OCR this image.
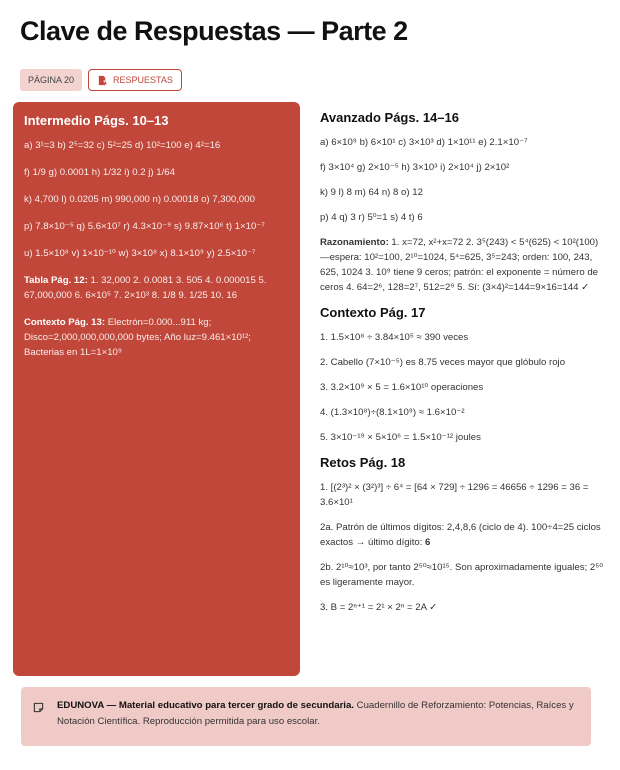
Clave de Respuestas — Parte 2
PÁGINA 20	RESPUESTAS
Intermedio Págs. 10–13

a) 3¹=3 b) 2⁵=32 c) 5²=25 d) 10²=100 e) 4²=16

f) 1/9 g) 0.0001 h) 1/32 i) 0.2 j) 1/64

k) 4,700 l) 0.0205 m) 990,000 n) 0.00018 o) 7,300,000

p) 7.8×10⁻⁵ q) 5.6×10⁷ r) 4.3×10⁻⁹ s) 9.87×10⁶ t) 1×10⁻⁷

u) 1.5×10⁸ v) 1×10⁻¹⁰ w) 3×10⁸ x) 8.1×10⁹ y) 2.5×10⁻⁷

Tabla Pág. 12: 1. 32,000 2. 0.0081 3. 505 4. 0.000015 5. 67,000,000 6. 6×10⁵ 7. 2×10³ 8. 1/8 9. 1/25 10. 16

Contexto Pág. 13: Electrón=0.000...911 kg; Disco=2,000,000,000,000 bytes; Año luz=9.461×10¹²; Bacterias en 1L=1×10⁹

Avanzado Págs. 14–16

a) 6×10⁹ b) 6×10¹ c) 3×10³ d) 1×10¹¹ e) 2.1×10⁻⁷

f) 3×10⁴ g) 2×10⁻⁵ h) 3×10³ i) 2×10⁴ j) 2×10²

k) 9 l) 8 m) 64 n) 8 o) 12

p) 4 q) 3 r) 5⁰=1 s) 4 t) 6

Razonamiento: 1. x=72, x²+x=72 2. 3⁵(243) < 5⁴(625) < 10²(100)—espera: 10²=100, 2¹⁰=1024, 5⁴=625, 3⁵=243; orden: 100, 243, 625, 1024 3. 10⁹ tiene 9 ceros; patrón: el exponente = número de ceros 4. 64=2⁶, 128=2⁷, 512=2⁹ 5. Sí: (3×4)²=144=9×16=144 ✓

Contexto Pág. 17

1. 1.5×10⁸ ÷ 3.84×10⁵ ≈ 390 veces

2. Cabello (7×10⁻⁵) es 8.75 veces mayor que glóbulo rojo

3. 3.2×10⁹ × 5 = 1.6×10¹⁰ operaciones

4. (1.3×10⁸)÷(8.1×10⁹) ≈ 1.6×10⁻²

5. 3×10⁻¹⁹ × 5×10⁶ = 1.5×10⁻¹² joules

Retos Pág. 18

1. [(2³)² × (3²)³] ÷ 6⁴ = [64 × 729] ÷ 1296 = 46656 ÷ 1296 = 36 = 3.6×10¹

2a. Patrón de últimos dígitos: 2,4,8,6 (ciclo de 4). 100÷4=25 ciclos exactos → último dígito: 6

2b. 2¹⁰≈10³, por tanto 2⁵⁰≈10¹⁵. Son aproximadamente iguales; 2⁵⁰ es ligeramente mayor.

3. B = 2ⁿ⁺¹ = 2¹ × 2ⁿ = 2A ✓

EDUNOVA — Material educativo para tercer grado de secundaria. Cuadernillo de Reforzamiento: Potencias, Raíces y Notación Científica. Reproducción permitida para uso escolar.
